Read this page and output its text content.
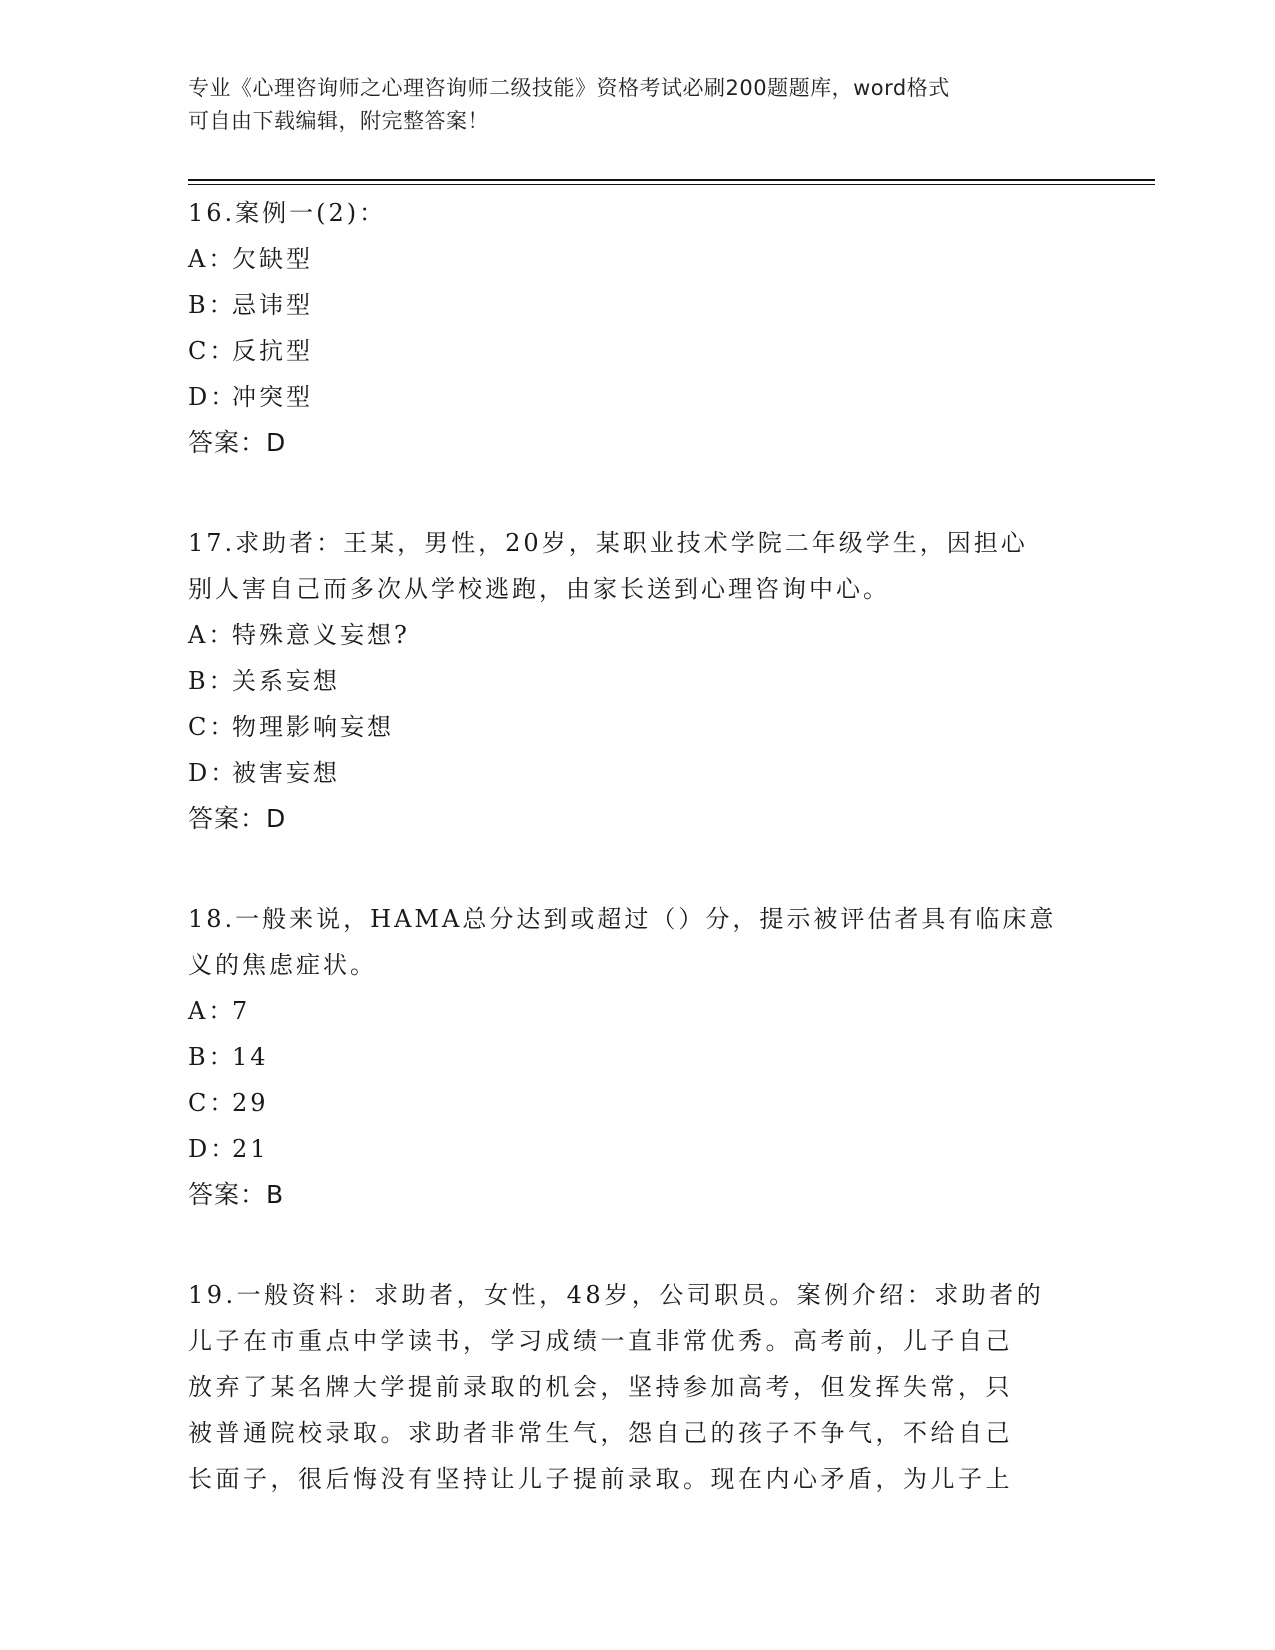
专业《心理咨询师之心理咨询师二级技能》资格考试必刷200题题库，word格式
可自由下载编辑，附完整答案！
16.案例一(2)：
A：欠缺型
B：忌讳型
C：反抗型
D：冲突型
答案：D
17.求助者：王某，男性，20岁，某职业技术学院二年级学生，因担心
别人害自己而多次从学校逃跑，由家长送到心理咨询中心。
A：特殊意义妄想?
B：关系妄想
C：物理影响妄想
D：被害妄想
答案：D
18.一般来说，HAMA总分达到或超过（）分，提示被评估者具有临床意
义的焦虑症状。
A：7
B：14
C：29
D：21
答案：B
19.一般资料：求助者，女性，48岁，公司职员。案例介绍：求助者的
儿子在市重点中学读书，学习成绩一直非常优秀。高考前，儿子自己
放弃了某名牌大学提前录取的机会，坚持参加高考，但发挥失常，只
被普通院校录取。求助者非常生气，怨自己的孩子不争气，不给自己
长面子，很后悔没有坚持让儿子提前录取。现在内心矛盾，为儿子上
